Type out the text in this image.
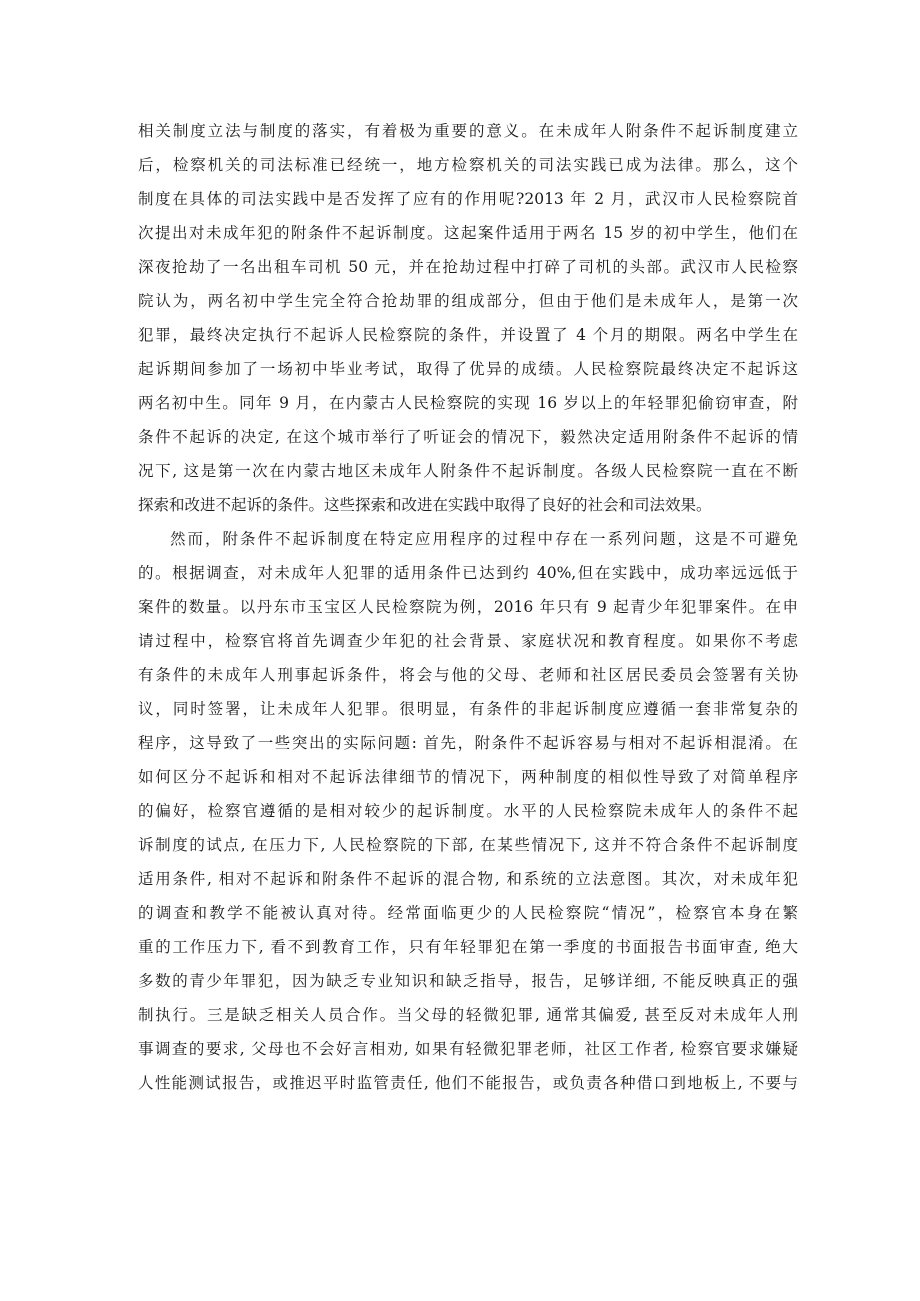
相关制度立法与制度的落实，有着极为重要的意义。在未成年人附条件不起诉制度建立
后，检察机关的司法标准已经统一，地方检察机关的司法实践已成为法律。那么，这个
制度在具体的司法实践中是否发挥了应有的作用呢?2013 年 2 月，武汉市人民检察院首
次提出对未成年犯的附条件不起诉制度。这起案件适用于两名 15 岁的初中学生，他们在
深夜抢劫了一名出租车司机 50 元，并在抢劫过程中打碎了司机的头部。武汉市人民检察
院认为，两名初中学生完全符合抢劫罪的组成部分，但由于他们是未成年人，是第一次
犯罪，最终决定执行不起诉人民检察院的条件，并设置了 4 个月的期限。两名中学生在
起诉期间参加了一场初中毕业考试，取得了优异的成绩。人民检察院最终决定不起诉这
两名初中生。同年 9 月，在内蒙古人民检察院的实现 16 岁以上的年轻罪犯偷窃审查，附
条件不起诉的决定, 在这个城市举行了听证会的情况下，毅然决定适用附条件不起诉的情
况下, 这是第一次在内蒙古地区未成年人附条件不起诉制度。各级人民检察院一直在不断
探索和改进不起诉的条件。这些探索和改进在实践中取得了良好的社会和司法效果。
然而，附条件不起诉制度在特定应用程序的过程中存在一系列问题，这是不可避免
的。根据调查，对未成年人犯罪的适用条件已达到约 40%,但在实践中，成功率远远低于
案件的数量。以丹东市玉宝区人民检察院为例，2016 年只有 9 起青少年犯罪案件。在申
请过程中，检察官将首先调查少年犯的社会背景、家庭状况和教育程度。如果你不考虑
有条件的未成年人刑事起诉条件，将会与他的父母、老师和社区居民委员会签署有关协
议，同时签署，让未成年人犯罪。很明显，有条件的非起诉制度应遵循一套非常复杂的
程序，这导致了一些突出的实际问题: 首先，附条件不起诉容易与相对不起诉相混淆。在
如何区分不起诉和相对不起诉法律细节的情况下，两种制度的相似性导致了对简单程序
的偏好，检察官遵循的是相对较少的起诉制度。水平的人民检察院未成年人的条件不起
诉制度的试点, 在压力下, 人民检察院的下部, 在某些情况下, 这并不符合条件不起诉制度
适用条件, 相对不起诉和附条件不起诉的混合物, 和系统的立法意图。其次，对未成年犯
的调查和教学不能被认真对待。经常面临更少的人民检察院“情况”，检察官本身在繁
重的工作压力下, 看不到教育工作，只有年轻罪犯在第一季度的书面报告书面审查, 绝大
多数的青少年罪犯，因为缺乏专业知识和缺乏指导，报告，足够详细, 不能反映真正的强
制执行。三是缺乏相关人员合作。当父母的轻微犯罪, 通常其偏爱, 甚至反对未成年人刑
事调查的要求, 父母也不会好言相劝, 如果有轻微犯罪老师，社区工作者, 检察官要求嫌疑
人性能测试报告，或推迟平时监管责任, 他们不能报告，或负责各种借口到地板上, 不要与
